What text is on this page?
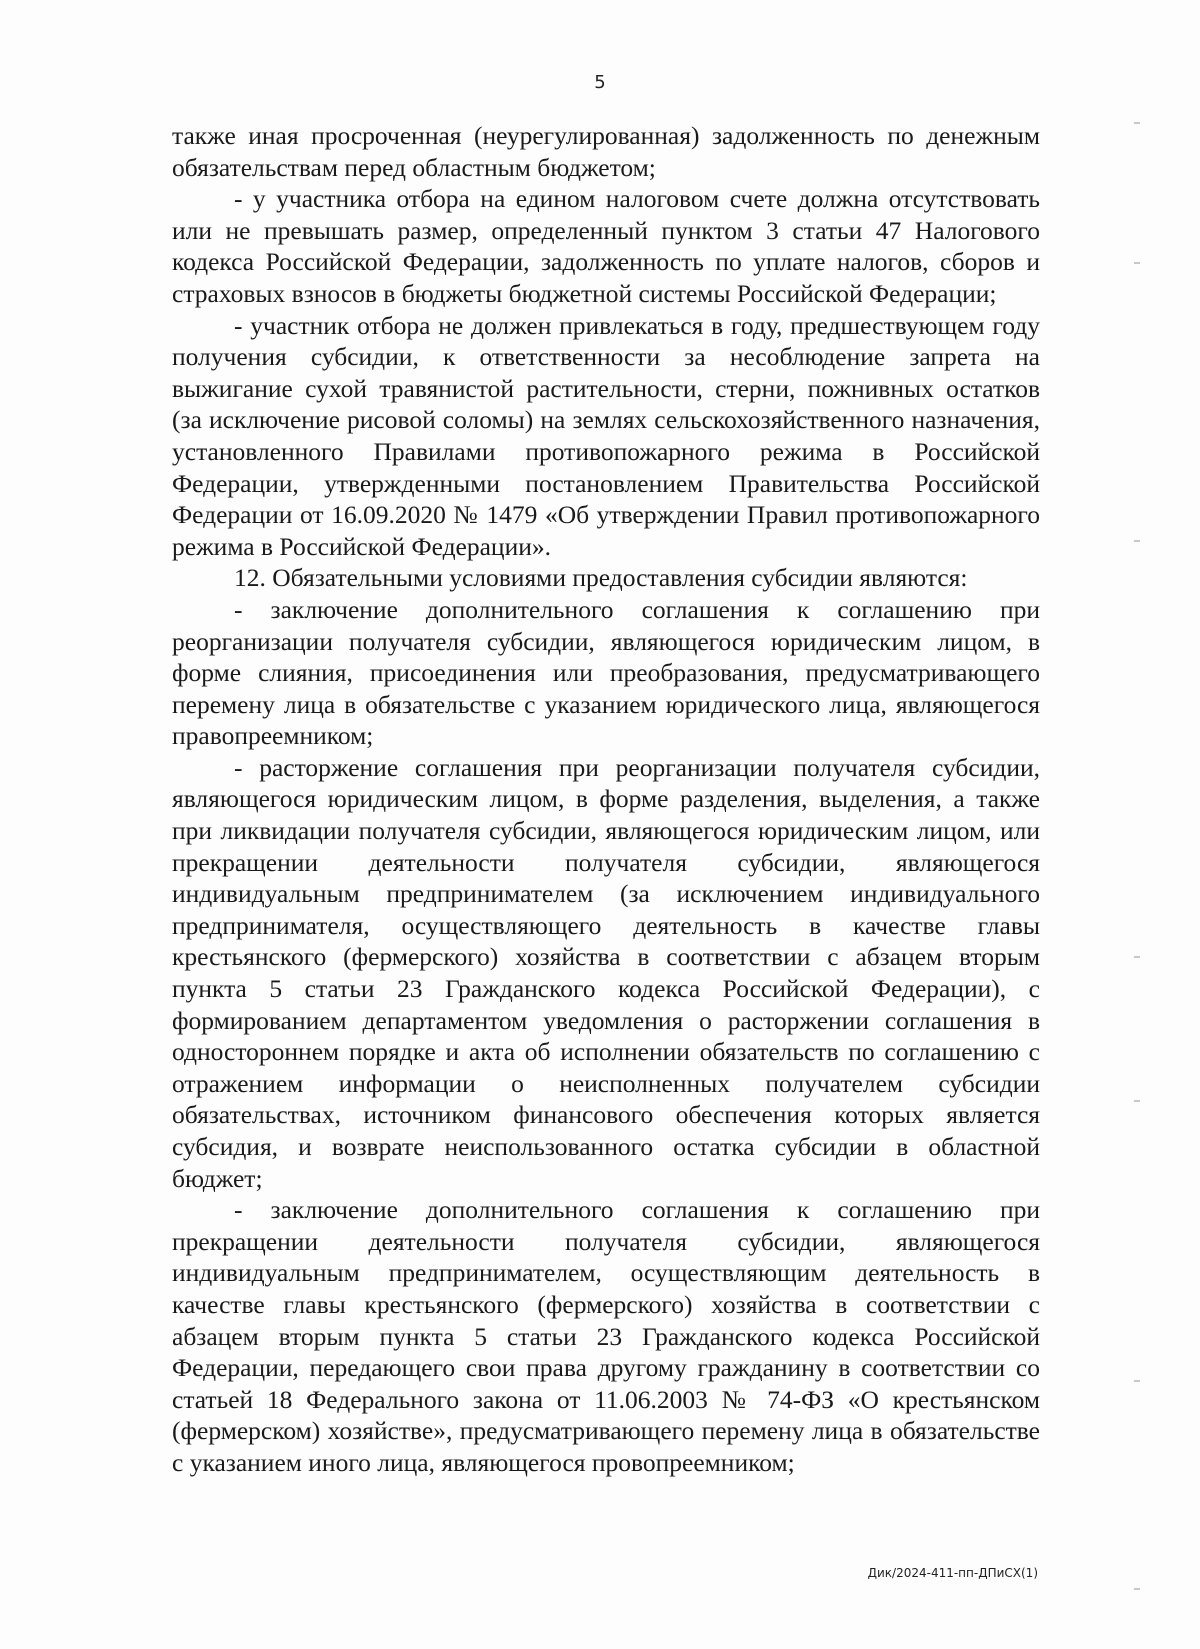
5

также иная просроченная (неурегулированная) задолженность по денежным обязательствам перед областным бюджетом;

- у участника отбора на едином налоговом счете должна отсутствовать или не превышать размер, определенный пунктом 3 статьи 47 Налогового кодекса Российской Федерации, задолженность по уплате налогов, сборов и страховых взносов в бюджеты бюджетной системы Российской Федерации;

- участник отбора не должен привлекаться в году, предшествующем году получения субсидии, к ответственности за несоблюдение запрета на выжигание сухой травянистой растительности, стерни, пожнивных остатков (за исключение рисовой соломы) на землях сельскохозяйственного назначения, установленного Правилами противопожарного режима в Российской Федерации, утвержденными постановлением Правительства Российской Федерации от 16.09.2020 № 1479 «Об утверждении Правил противопожарного режима в Российской Федерации».

12. Обязательными условиями предоставления субсидии являются:

- заключение дополнительного соглашения к соглашению при реорганизации получателя субсидии, являющегося юридическим лицом, в форме слияния, присоединения или преобразования, предусматривающего перемену лица в обязательстве с указанием юридического лица, являющегося правопреемником;

- расторжение соглашения при реорганизации получателя субсидии, являющегося юридическим лицом, в форме разделения, выделения, а также при ликвидации получателя субсидии, являющегося юридическим лицом, или прекращении деятельности получателя субсидии, являющегося индивидуальным предпринимателем (за исключением индивидуального предпринимателя, осуществляющего деятельность в качестве главы крестьянского (фермерского) хозяйства в соответствии с абзацем вторым пункта 5 статьи 23 Гражданского кодекса Российской Федерации), с формированием департаментом уведомления о расторжении соглашения в одностороннем порядке и акта об исполнении обязательств по соглашению с отражением информации о неисполненных получателем субсидии обязательствах, источником финансового обеспечения которых является субсидия, и возврате неиспользованного остатка субсидии в областной бюджет;

- заключение дополнительного соглашения к соглашению при прекращении деятельности получателя субсидии, являющегося индивидуальным предпринимателем, осуществляющим деятельность в качестве главы крестьянского (фермерского) хозяйства в соответствии с абзацем вторым пункта 5 статьи 23 Гражданского кодекса Российской Федерации, передающего свои права другому гражданину в соответствии со статьей 18 Федерального закона от 11.06.2003 № 74-ФЗ «О крестьянском (фермерском) хозяйстве», предусматривающего перемену лица в обязательстве с указанием иного лица, являющегося провопреемником;

Дик/2024-411-пп-ДПиСХ(1)
